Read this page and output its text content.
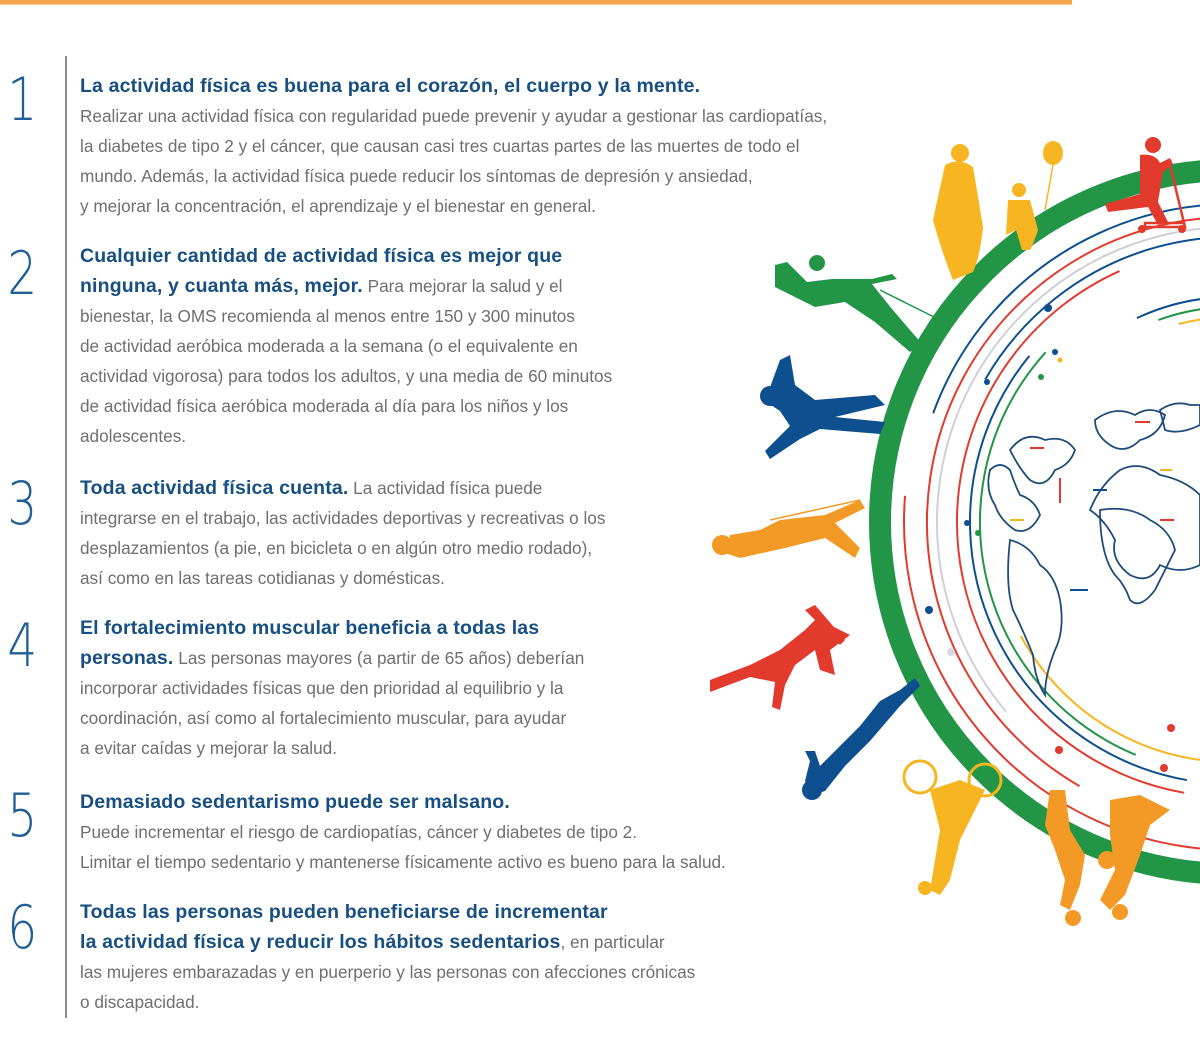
1 La actividad física es buena para el corazón, el cuerpo y la mente.
Realizar una actividad física con regularidad puede prevenir y ayudar a gestionar las cardiopatías,
la diabetes de tipo 2 y el cáncer, que causan casi tres cuartas partes de las muertes de todo el
mundo. Además, la actividad física puede reducir los síntomas de depresión y ansiedad,
y mejorar la concentración, el aprendizaje y el bienestar en general.
2 Cualquier cantidad de actividad física es mejor que
ninguna, y cuanta más, mejor. Para mejorar la salud y el
bienestar, la OMS recomienda al menos entre 150 y 300 minutos
de actividad aeróbica moderada a la semana (o el equivalente en
actividad vigorosa) para todos los adultos, y una media de 60 minutos
de actividad física aeróbica moderada al día para los niños y los
adolescentes.
3 Toda actividad física cuenta. La actividad física puede
integrarse en el trabajo, las actividades deportivas y recreativas o los
desplazamientos (a pie, en bicicleta o en algún otro medio rodado),
así como en las tareas cotidianas y domésticas.
4 El fortalecimiento muscular beneficia a todas las
personas. Las personas mayores (a partir de 65 años) deberían
incorporar actividades físicas que den prioridad al equilibrio y la
coordinación, así como al fortalecimiento muscular, para ayudar
a evitar caídas y mejorar la salud.
5 Demasiado sedentarismo puede ser malsano.
Puede incrementar el riesgo de cardiopatías, cáncer y diabetes de tipo 2.
Limitar el tiempo sedentario y mantenerse físicamente activo es bueno para la salud.
6 Todas las personas pueden beneficiarse de incrementar
la actividad física y reducir los hábitos sedentarios, en particular
las mujeres embarazadas y en puerperio y las personas con afecciones crónicas
o discapacidad.
